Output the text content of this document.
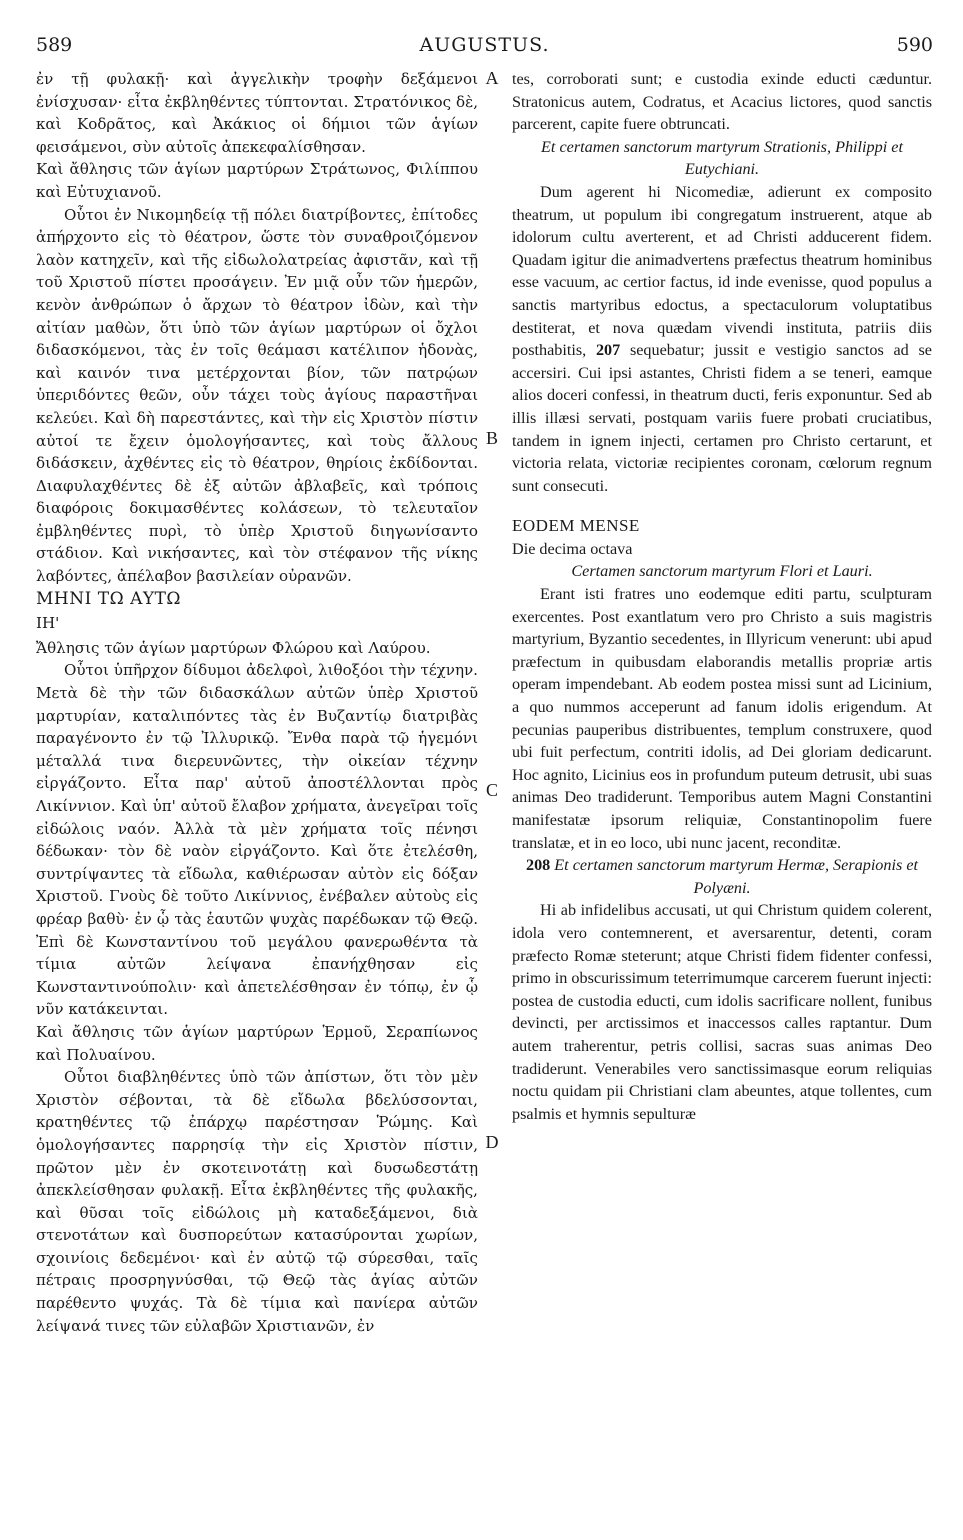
589	AUGUSTUS.	590
A
B
C
D

ἐν τῇ φυλακῇ· καὶ ἀγγελικὴν τροφὴν δεξάμενοι ἐνίσχυσαν· εἶτα ἐκβληθέντες τύπτονται. Στρατόνικος δὲ, καὶ Κοδρᾶτος, καὶ Ἀκάκιος οἱ δήμιοι τῶν ἁγίων φεισάμενοι, σὺν αὐτοῖς ἀπεκεφαλίσθησαν.

Καὶ ἄθλησις τῶν ἁγίων μαρτύρων Στράτωνος, Φιλίππου καὶ Εὐτυχιανοῦ.

Οὗτοι ἐν Νικομηδείᾳ τῇ πόλει διατρίβοντες, ἐπίτοδες ἀπήρχοντο εἰς τὸ θέατρον, ὥστε τὸν συναθροιζόμενον λαὸν κατηχεῖν, καὶ τῆς εἰδωλολατρείας ἀφιστᾶν, καὶ τῇ τοῦ Χριστοῦ πίστει προσάγειν. Ἐν μιᾷ οὖν τῶν ἡμερῶν, κενὸν ἀνθρώπων ὁ ἄρχων τὸ θέατρον ἰδὼν, καὶ τὴν αἰτίαν μαθὼν, ὅτι ὑπὸ τῶν ἁγίων μαρτύρων οἱ ὄχλοι διδασκόμενοι, τὰς ἐν τοῖς θεάμασι κατέλιπον ἡδονὰς, καὶ καινόν τινα μετέρχονται βίον, τῶν πατρῴων ὑπεριδόντες θεῶν, οὖν τάχει τοὺς ἁγίους παραστῆναι κελεύει. Καὶ δὴ παρεστάντες, καὶ τὴν εἰς Χριστὸν πίστιν αὐτοί τε ἔχειν ὁμολογήσαντες, καὶ τοὺς ἄλλους διδάσκειν, ἀχθέντες εἰς τὸ θέατρον, θηρίοις ἐκδίδονται. Διαφυλαχθέντες δὲ ἐξ αὐτῶν ἀβλαβεῖς, καὶ τρόποις διαφόροις δοκιμασθέντες κολάσεων, τὸ τελευταῖον ἐμβληθέντες πυρὶ, τὸ ὑπὲρ Χριστοῦ διηγωνίσαντο στάδιον. Καὶ νικήσαντες, καὶ τὸν στέφανον τῆς νίκης λαβόντες, ἀπέλαβον βασιλείαν οὐρανῶν.

ΜΗΝΙ ΤΩ ΑΥΤΩ

ΙΗ'

Ἄθλησις τῶν ἁγίων μαρτύρων Φλώρου καὶ Λαύρου.

Οὗτοι ὑπῆρχον δίδυμοι ἀδελφοὶ, λιθοξόοι τὴν τέχνην. Μετὰ δὲ τὴν τῶν διδασκάλων αὐτῶν ὑπὲρ Χριστοῦ μαρτυρίαν, καταλιπόντες τὰς ἐν Βυζαντίῳ διατριβὰς παραγένοντο ἐν τῷ Ἰλλυρικῷ. Ἔνθα παρὰ τῷ ἡγεμόνι μέταλλά τινα διερευνῶντες, τὴν οἰκείαν τέχνην εἰργάζοντο. Εἶτα παρ' αὐτοῦ ἀποστέλλονται πρὸς Λικίννιον. Καὶ ὑπ' αὐτοῦ ἔλαβον χρήματα, ἀνεγεῖραι τοῖς εἰδώλοις ναόν. Ἀλλὰ τὰ μὲν χρήματα τοῖς πένησι δέδωκαν· τὸν δὲ ναὸν εἰργάζοντο. Καὶ ὅτε ἐτελέσθη, συντρίψαντες τὰ εἴδωλα, καθιέρωσαν αὐτὸν εἰς δόξαν Χριστοῦ. Γνοὺς δὲ τοῦτο Λικίννιος, ἐνέβαλεν αὐτοὺς εἰς φρέαρ βαθὺ· ἐν ᾧ τὰς ἑαυτῶν ψυχὰς παρέδωκαν τῷ Θεῷ. Ἐπὶ δὲ Κωνσταντίνου τοῦ μεγάλου φανερωθέντα τὰ τίμια αὐτῶν λείψανα ἐπανήχθησαν εἰς Κωνσταντινούπολιν· καὶ ἀπετελέσθησαν ἐν τόπῳ, ἐν ᾧ νῦν κατάκεινται.

Καὶ ἄθλησις τῶν ἁγίων μαρτύρων Ἑρμοῦ, Σεραπίωνος καὶ Πολυαίνου.

Οὗτοι διαβληθέντες ὑπὸ τῶν ἀπίστων, ὅτι τὸν μὲν Χριστὸν σέβονται, τὰ δὲ εἴδωλα βδελύσσονται, κρατηθέντες τῷ ἐπάρχῳ παρέστησαν Ῥώμης. Καὶ ὁμολογήσαντες παρρησίᾳ τὴν εἰς Χριστὸν πίστιν, πρῶτον μὲν ἐν σκοτεινοτάτῃ καὶ δυσωδεστάτῃ ἀπεκλείσθησαν φυλακῇ. Εἶτα ἐκβληθέντες τῆς φυλακῆς, καὶ θῦσαι τοῖς εἰδώλοις μὴ καταδεξάμενοι, διὰ στενοτάτων καὶ δυσπορεύτων κατασύρονται χωρίων, σχοινίοις δεδεμένοι· καὶ ἐν αὐτῷ τῷ σύρεσθαι, ταῖς πέτραις προσρηγνύσθαι, τῷ Θεῷ τὰς ἁγίας αὐτῶν παρέθεντο ψυχάς. Τὰ δὲ τίμια καὶ πανίερα αὐτῶν λείψανά τινες τῶν εὐλαβῶν Χριστιανῶν, ἐν

tes, corroborati sunt; e custodia exinde educti cæduntur. Stratonicus autem, Codratus, et Acacius lictores, quod sanctis parcerent, capite fuere obtruncati.

Et certamen sanctorum martyrum Strationis, Philippi et Eutychiani.

Dum agerent hi Nicomediæ, adierunt ex composito theatrum, ut populum ibi congregatum instruerent, atque ab idolorum cultu averterent, et ad Christi adducerent fidem. Quadam igitur die animadvertens præfectus theatrum hominibus esse vacuum, ac certior factus, id inde evenisse, quod populus a sanctis martyribus edoctus, a spectaculorum voluptatibus destiterat, et nova quædam vivendi instituta, patriis diis posthabitis, 207 sequebatur; jussit e vestigio sanctos ad se accersiri. Cui ipsi astantes, Christi fidem a se teneri, eamque alios doceri confessi, in theatrum ducti, feris exponuntur. Sed ab illis illæsi servati, postquam variis fuere probati cruciatibus, tandem in ignem injecti, certamen pro Christo certarunt, et victoria relata, victoriæ recipientes coronam, cœlorum regnum sunt consecuti.

EODEM MENSE

Die decima octava

Certamen sanctorum martyrum Flori et Lauri.

Erant isti fratres uno eodemque editi partu, sculpturam exercentes. Post exantlatum vero pro Christo a suis magistris martyrium, Byzantio secedentes, in Illyricum venerunt: ubi apud præfectum in quibusdam elaborandis metallis propriæ artis operam impendebant. Ab eodem postea missi sunt ad Licinium, a quo nummos acceperunt ad fanum idolis erigendum. At pecunias pauperibus distribuentes, templum construxere, quod ubi fuit perfectum, contriti idolis, ad Dei gloriam dedicarunt. Hoc agnito, Licinius eos in profundum puteum detrusit, ubi suas animas Deo tradiderunt. Temporibus autem Magni Constantini manifestatæ ipsorum reliquiæ, Constantinopolim fuere translatæ, et in eo loco, ubi nunc jacent, reconditæ.

208 Et certamen sanctorum martyrum Hermæ, Serapionis et Polyæni.

Hi ab infidelibus accusati, ut qui Christum quidem colerent, idola vero contemnerent, et aversarentur, detenti, coram præfecto Romæ steterunt; atque Christi fidem fidenter confessi, primo in obscurissimum teterrimumque carcerem fuerunt injecti: postea de custodia educti, cum idolis sacrificare nollent, funibus devincti, per arctissimos et inaccessos calles raptantur. Dum autem traherentur, petris collisi, sacras suas animas Deo tradiderunt. Venerabiles vero sanctissimasque eorum reliquias noctu quidam pii Christiani clam abeuntes, atque tollentes, cum psalmis et hymnis sepulturæ
